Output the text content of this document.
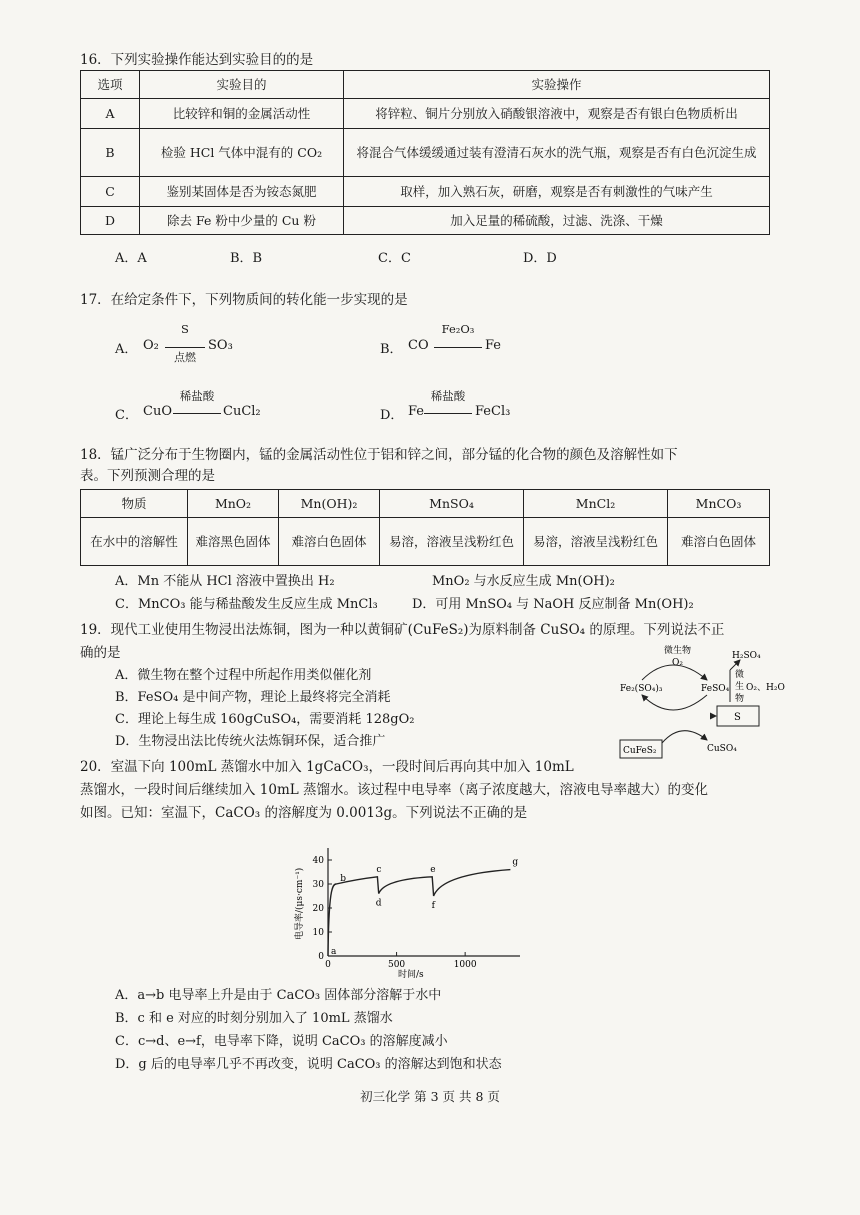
16．下列实验操作能达到实验目的的是
选项	实验目的	实验操作
A	比较锌和铜的金属活动性	将锌粒、铜片分别放入硝酸银溶液中，观察是否有银白色物质析出
B	检验 HCl 气体中混有的 CO₂	将混合气体缓缓通过装有澄清石灰水的洗气瓶，观察是否有白色沉淀生成
C	鉴别某固体是否为铵态氮肥	取样，加入熟石灰，研磨，观察是否有刺激性的气味产生
D	除去 Fe 粉中少量的 Cu 粉	加入足量的稀硫酸，过滤、洗涤、干燥
A．A	B．B	C．C	D．D
17．在给定条件下，下列物质间的转化能一步实现的是
A． O₂
S
点燃
SO₃	B． CO
Fe₂O₃
Fe
C． CuO
稀盐酸
CuCl₂	D． Fe
稀盐酸
FeCl₃
18．锰广泛分布于生物圈内，锰的金属活动性位于铝和锌之间，部分锰的化合物的颜色及溶解性如下
表。下列预测合理的是
物质	MnO₂	Mn(OH)₂	MnSO₄	MnCl₂	MnCO₃
在水中的溶解性	难溶黑色固体	难溶白色固体	易溶，溶液呈浅粉红色	易溶，溶液呈浅粉红色	难溶白色固体
A．Mn 不能从 HCl 溶液中置换出 H₂	MnO₂ 与水反应生成 Mn(OH)₂
C．MnCO₃ 能与稀盐酸发生反应生成 MnCl₃	D．可用 MnSO₄ 与 NaOH 反应制备 Mn(OH)₂
19．现代工业使用生物浸出法炼铜，图为一种以黄铜矿(CuFeS₂)为原料制备 CuSO₄ 的原理。下列说法不正
确的是
A．微生物在整个过程中所起作用类似催化剂
B．FeSO₄ 是中间产物，理论上最终将完全消耗
C．理论上每生成 160gCuSO₄，需要消耗 128gO₂
D．生物浸出法比传统火法炼铜环保，适合推广
微生物
O₂
H₂SO₄
Fe₂(SO₄)₃	FeSO₄
微
生
物
O₂、H₂O
S
CuFeS₂	CuSO₄
20．室温下向 100mL 蒸馏水中加入 1gCaCO₃，一段时间后再向其中加入 10mL
蒸馏水，一段时间后继续加入 10mL 蒸馏水。该过程中电导率（离子浓度越大，溶液电导率越大）的变化
如图。已知：室温下，CaCO₃ 的溶解度为 0.0013g。下列说法不正确的是
电导率/(μs·cm⁻¹)
时间/s
0
10
20
30
40
0	500	1000
a
b
c
d
e
f
g
A．a→b 电导率上升是由于 CaCO₃ 固体部分溶解于水中
B．c 和 e 对应的时刻分别加入了 10mL 蒸馏水
C．c→d、e→f，电导率下降，说明 CaCO₃ 的溶解度减小
D．g 后的电导率几乎不再改变，说明 CaCO₃ 的溶解达到饱和状态
初三化学 第 3 页 共 8 页
